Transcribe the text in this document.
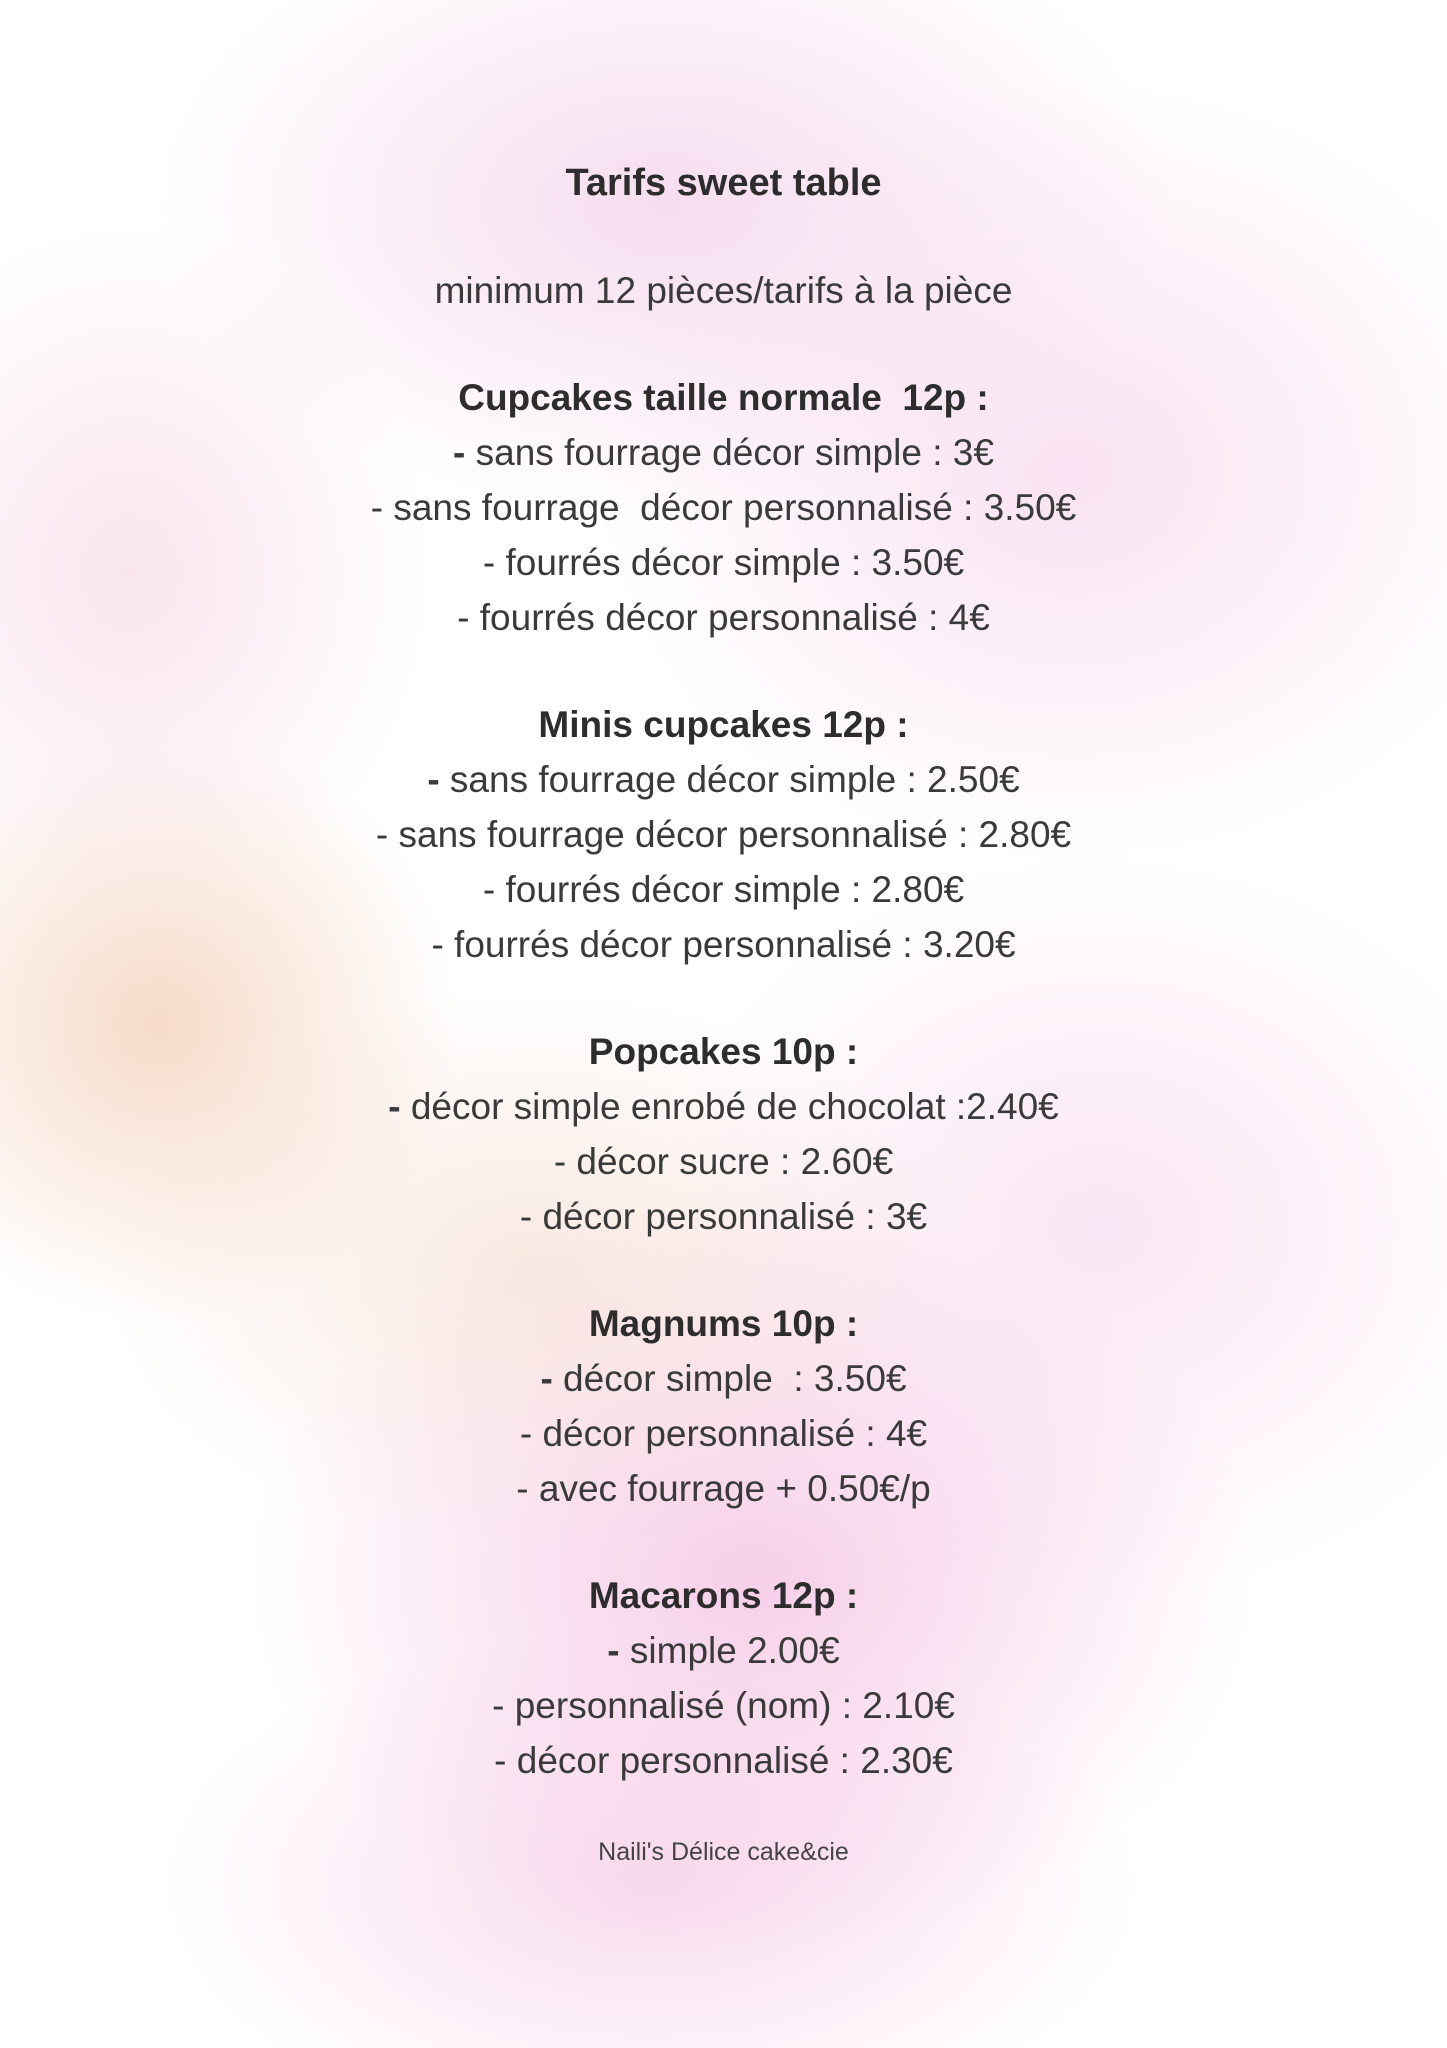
Tarifs sweet table

minimum 12 pièces/tarifs à la pièce

Cupcakes taille normale  12p :
- sans fourrage décor simple : 3€
- sans fourrage  décor personnalisé : 3.50€
- fourrés décor simple : 3.50€
- fourrés décor personnalisé : 4€
Minis cupcakes 12p :
- sans fourrage décor simple : 2.50€
- sans fourrage décor personnalisé : 2.80€
- fourrés décor simple : 2.80€
- fourrés décor personnalisé : 3.20€
Popcakes 10p :
- décor simple enrobé de chocolat :2.40€
- décor sucre : 2.60€
- décor personnalisé : 3€
Magnums 10p :
- décor simple  : 3.50€
- décor personnalisé : 4€
- avec fourrage + 0.50€/p
Macarons 12p :
- simple 2.00€
- personnalisé (nom) : 2.10€
- décor personnalisé : 2.30€

Naili's Délice cake&cie
